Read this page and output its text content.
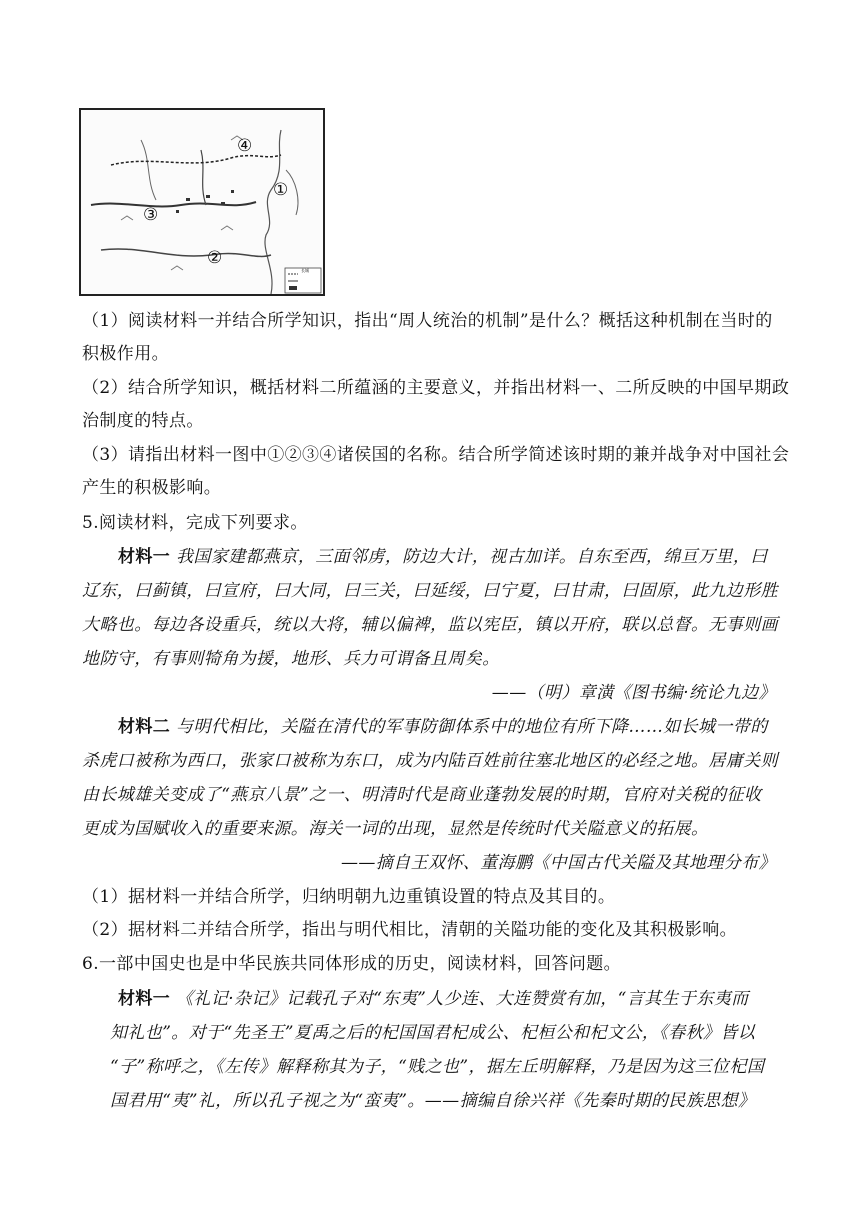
①
②
③
④
长城
（1）阅读材料一并结合所学知识，指出“周人统治的机制”是什么？概括这种机制在当时的
积极作用。
（2）结合所学知识，概括材料二所蕴涵的主要意义，并指出材料一、二所反映的中国早期政
治制度的特点。
（3）请指出材料一图中①②③④诸侯国的名称。结合所学简述该时期的兼并战争对中国社会
产生的积极影响。
5.阅读材料，完成下列要求。
材料一 我国家建都燕京，三面邻虏，防边大计，视古加详。自东至西，绵亘万里，曰
辽东，曰蓟镇，曰宣府，曰大同，曰三关，曰延绥，曰宁夏，曰甘肃，曰固原，此九边形胜
大略也。每边各设重兵，统以大将，辅以偏裨，监以宪臣，镇以开府，联以总督。无事则画
地防守，有事则犄角为援，地形、兵力可谓备且周矣。
——（明）章潢《图书编·统论九边》
材料二 与明代相比，关隘在清代的军事防御体系中的地位有所下降……如长城一带的
杀虎口被称为西口，张家口被称为东口，成为内陆百姓前往塞北地区的必经之地。居庸关则
由长城雄关变成了“燕京八景”之一、明清时代是商业蓬勃发展的时期，官府对关税的征收
更成为国赋收入的重要来源。海关一词的出现，显然是传统时代关隘意义的拓展。
——摘自王双怀、董海鹏《中国古代关隘及其地理分布》
（1）据材料一并结合所学，归纳明朝九边重镇设置的特点及其目的。
（2）据材料二并结合所学，指出与明代相比，清朝的关隘功能的变化及其积极影响。
6.一部中国史也是中华民族共同体形成的历史，阅读材料，回答问题。
材料一 《礼记·杂记》记载孔子对“东夷”人少连、大连赞赏有加，“言其生于东夷而
知礼也”。对于“先圣王”夏禹之后的杞国国君杞成公、杞桓公和杞文公，《春秋》皆以
“子”称呼之，《左传》解释称其为子，“贱之也”，据左丘明解释，乃是因为这三位杞国
国君用“夷”礼，所以孔子视之为“蛮夷”。——摘编自徐兴祥《先秦时期的民族思想》
